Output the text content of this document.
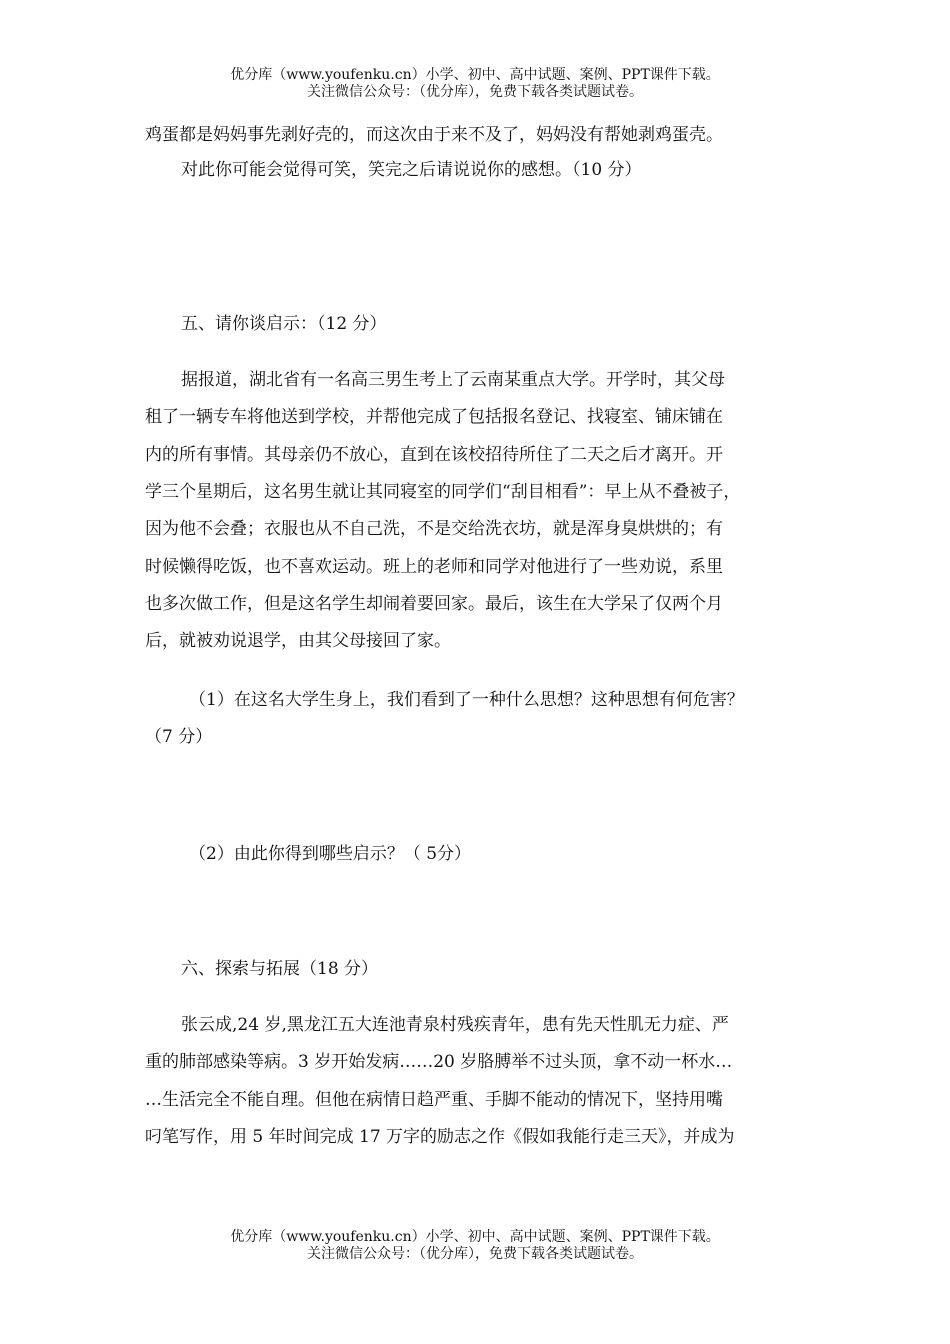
优分库（www.youfenku.cn）小学、初中、高中试题、案例、PPT课件下载。
关注微信公众号：（优分库），免费下载各类试题试卷。
鸡蛋都是妈妈事先剥好壳的，而这次由于来不及了，妈妈没有帮她剥鸡蛋壳。
对此你可能会觉得可笑，笑完之后请说说你的感想。（10 分）
五、请你谈启示：（12 分）
据报道，湖北省有一名高三男生考上了云南某重点大学。开学时，其父母
租了一辆专车将他送到学校，并帮他完成了包括报名登记、找寝室、铺床铺在
内的所有事情。其母亲仍不放心，直到在该校招待所住了二天之后才离开。开
学三个星期后，这名男生就让其同寝室的同学们“刮目相看”：早上从不叠被子，
因为他不会叠；衣服也从不自己洗，不是交给洗衣坊，就是浑身臭烘烘的；有
时候懒得吃饭，也不喜欢运动。班上的老师和同学对他进行了一些劝说，系里
也多次做工作，但是这名学生却闹着要回家。最后，该生在大学呆了仅两个月
后，就被劝说退学，由其父母接回了家。
（1）在这名大学生身上，我们看到了一种什么思想？这种思想有何危害？
（7 分）
（2）由此你得到哪些启示？（ 5分）
六、探索与拓展（18 分）
张云成,24 岁,黑龙江五大连池青泉村残疾青年，患有先天性肌无力症、严
重的肺部感染等病。3 岁开始发病……20 岁胳膊举不过头顶，拿不动一杯水…
…生活完全不能自理。但他在病情日趋严重、手脚不能动的情况下，坚持用嘴
叼笔写作，用 5 年时间完成 17 万字的励志之作《假如我能行走三天》，并成为
优分库（www.youfenku.cn）小学、初中、高中试题、案例、PPT课件下载。
关注微信公众号：（优分库），免费下载各类试题试卷。
